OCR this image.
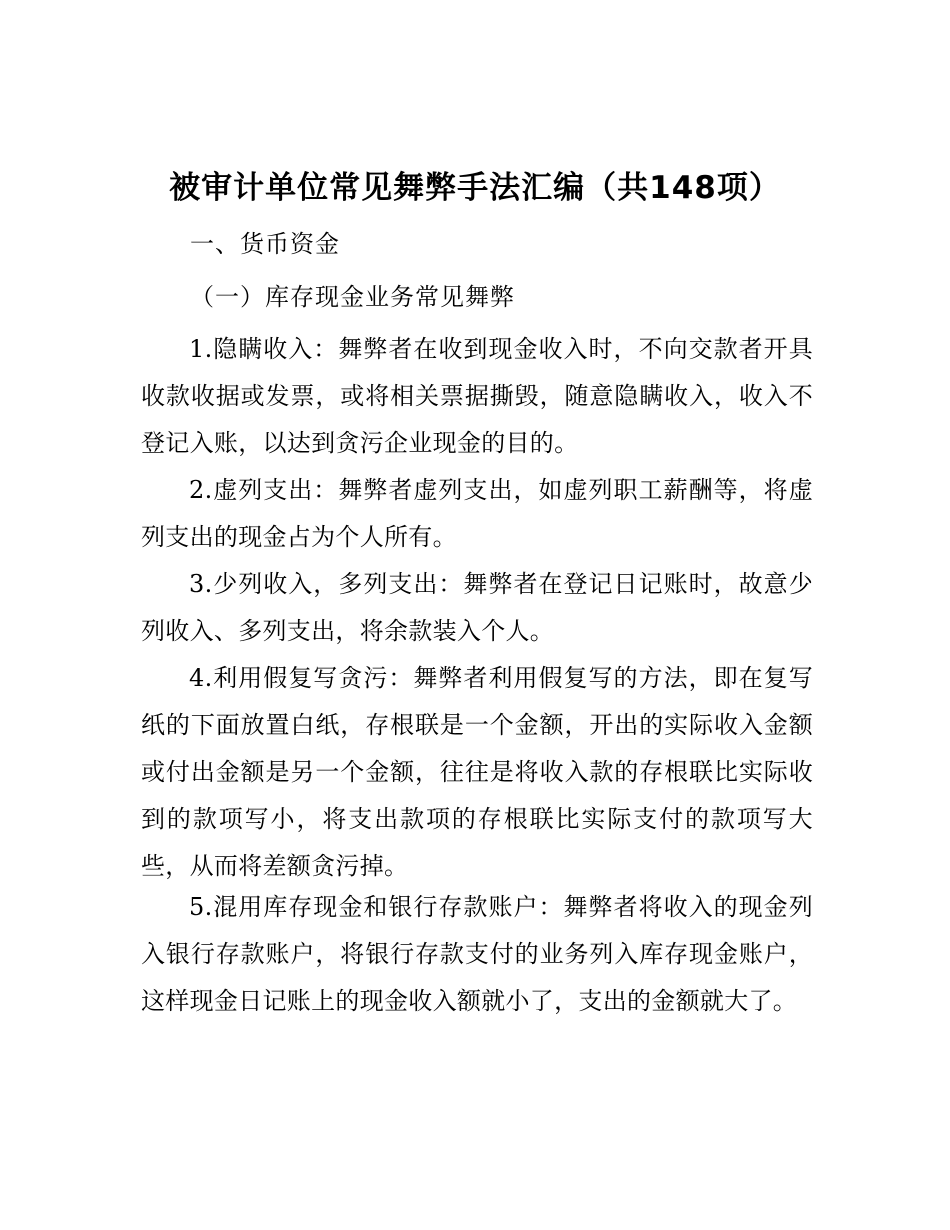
被审计单位常见舞弊手法汇编（共148项）
一、货币资金
（一）库存现金业务常见舞弊

1.隐瞒收入：舞弊者在收到现金收入时，不向交款者开具收款收据或发票，或将相关票据撕毁，随意隐瞒收入，收入不登记入账，以达到贪污企业现金的目的。

2.虚列支出：舞弊者虚列支出，如虚列职工薪酬等，将虚列支出的现金占为个人所有。

3.少列收入，多列支出：舞弊者在登记日记账时，故意少列收入、多列支出，将余款装入个人。

4.利用假复写贪污：舞弊者利用假复写的方法，即在复写纸的下面放置白纸，存根联是一个金额，开出的实际收入金额或付出金额是另一个金额，往往是将收入款的存根联比实际收到的款项写小，将支出款项的存根联比实际支付的款项写大些，从而将差额贪污掉。

5.混用库存现金和银行存款账户：舞弊者将收入的现金列入银行存款账户，将银行存款支付的业务列入库存现金账户，这样现金日记账上的现金收入额就小了，支出的金额就大了。
